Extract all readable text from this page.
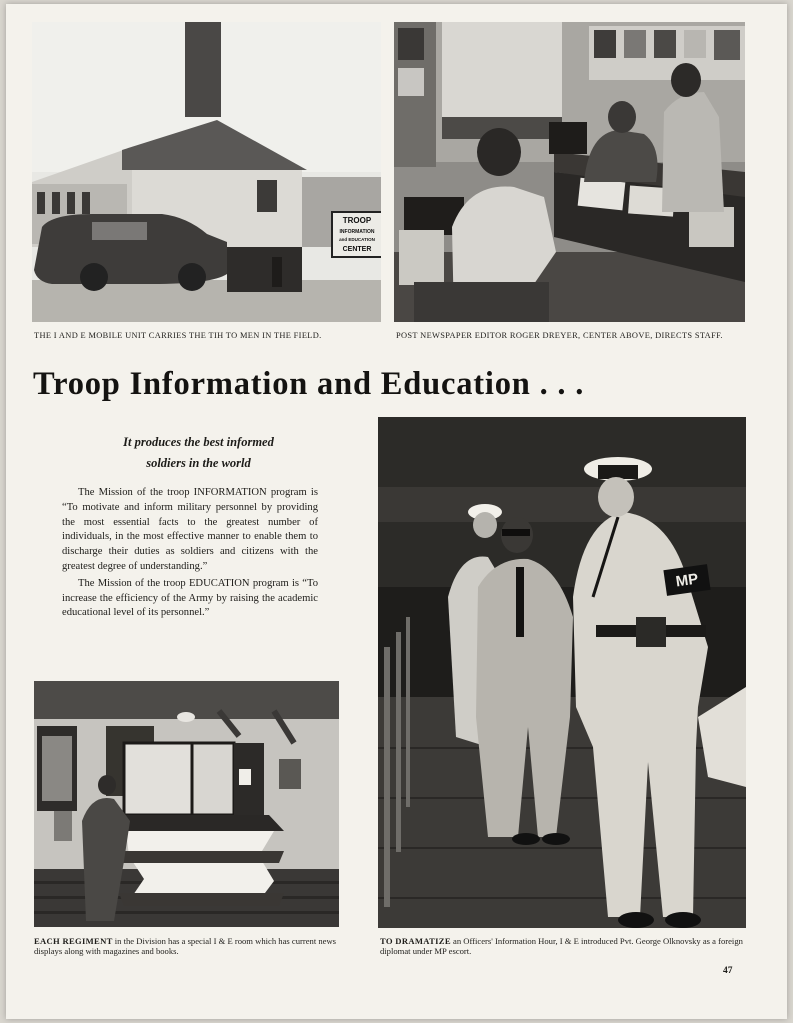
TROOP
INFORMATION
and EDUCATION
CENTER
THE I AND E MOBILE UNIT CARRIES THE TIH TO MEN IN THE FIELD.	POST NEWSPAPER EDITOR ROGER DREYER, CENTER ABOVE, DIRECTS STAFF.
Troop Information and Education . . .
It produces the best informed
soldiers in the world

The Mission of the troop INFORMATION program is “To motivate and inform military personnel by providing the most essential facts to the greatest number of individuals, in the most effective manner to enable them to discharge their duties as soldiers and citizens with the greatest degree of understanding.”

The Mission of the troop EDUCATION program is “To increase the efficiency of the Army by raising the academic educational level of its personnel.”

EACH REGIMENT in the Division has a special I & E room which has current news displays along with magazines and books.
MP
TO DRAMATIZE an Officers' Information Hour, I & E introduced Pvt. George Olknovsky as a foreign diplomat under MP escort.
47
